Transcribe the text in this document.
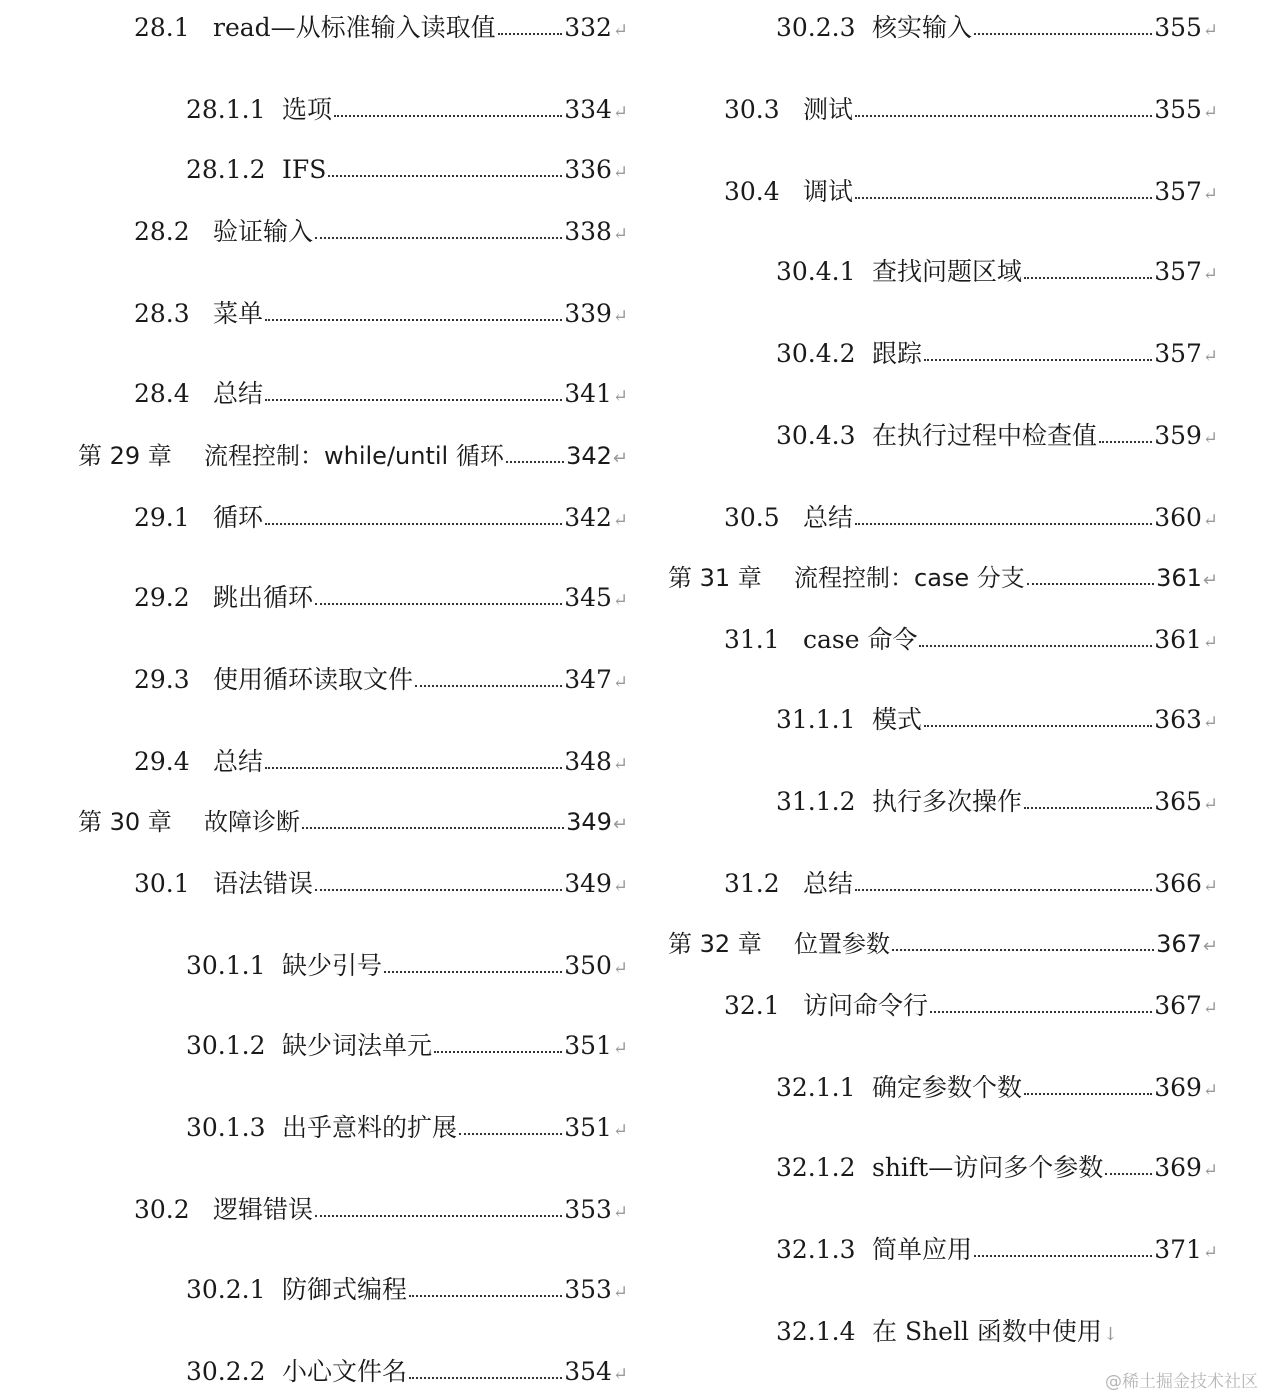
28.1 read—从标准输入读取值	332 ↵
28.1.1 选项	334 ↵
28.1.2 IFS	336 ↵
28.2 验证输入	338 ↵
28.3 菜单	339 ↵
28.4 总结	341 ↵
第 29 章	流程控制：while/until 循环	342 ↵
29.1 循环	342 ↵
29.2 跳出循环	345 ↵
29.3 使用循环读取文件	347 ↵
29.4 总结	348 ↵
第 30 章	故障诊断	349 ↵
30.1 语法错误	349 ↵
30.1.1 缺少引号	350 ↵
30.1.2 缺少词法单元	351 ↵
30.1.3 出乎意料的扩展	351 ↵
30.2 逻辑错误	353 ↵
30.2.1 防御式编程	353 ↵
30.2.2 小心文件名	354 ↵
30.2.3 核实输入	355 ↵
30.3 测试	355 ↵
30.4 调试	357 ↵
30.4.1 查找问题区域	357 ↵
30.4.2 跟踪	357 ↵
30.4.3 在执行过程中检查值 359 ↵
30.5 总结	360 ↵
第 31 章	流程控制：case 分支	361 ↵
31.1 case 命令	361 ↵
31.1.1 模式	363 ↵
31.1.2 执行多次操作	365 ↵
31.2 总结	366 ↵
第 32 章	位置参数	367 ↵
32.1 访问命令行	367 ↵
32.1.1 确定参数个数	369 ↵
32.1.2 shift—访问多个参数 369 ↵
32.1.3 简单应用	371 ↵
32.1.4 在 Shell 函数中使用 ↓
@稀土掘金技术社区
